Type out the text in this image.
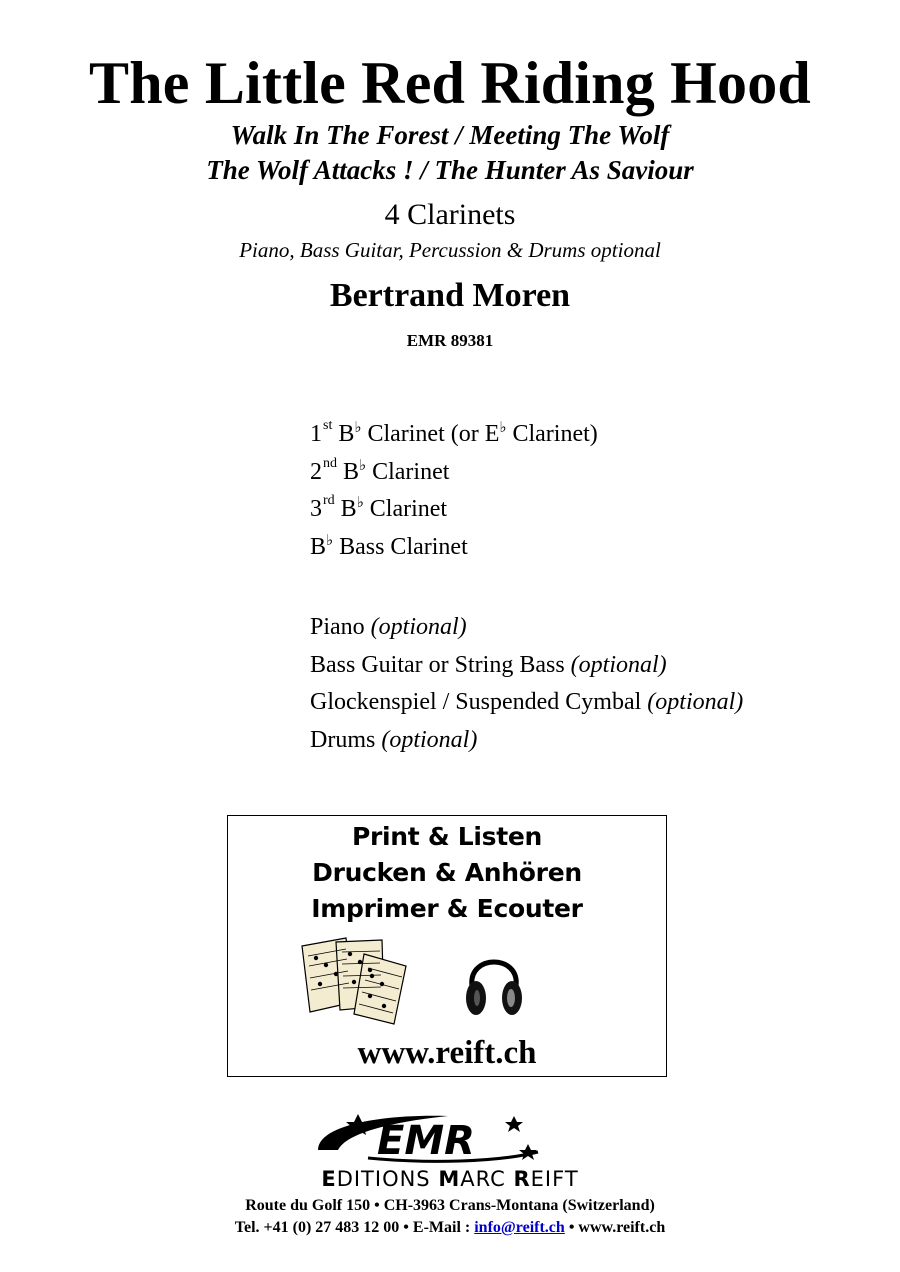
The Little Red Riding Hood
Walk In The Forest / Meeting The Wolf
The Wolf Attacks ! / The Hunter As Saviour
4 Clarinets
Piano, Bass Guitar, Percussion & Drums optional
Bertrand Moren
EMR 89381
1st B♭ Clarinet (or E♭ Clarinet)
2nd B♭ Clarinet
3rd B♭ Clarinet
B♭ Bass Clarinet
Piano (optional)
Bass Guitar or String Bass (optional)
Glockenspiel / Suspended Cymbal (optional)
Drums (optional)
Print & Listen
Drucken & Anhören
Imprimer & Ecouter
www.reift.ch
EMR
EDITIONS MARC REIFT
Route du Golf 150 • CH-3963 Crans-Montana (Switzerland)
Tel. +41 (0) 27 483 12 00 • E-Mail : info@reift.ch • www.reift.ch
